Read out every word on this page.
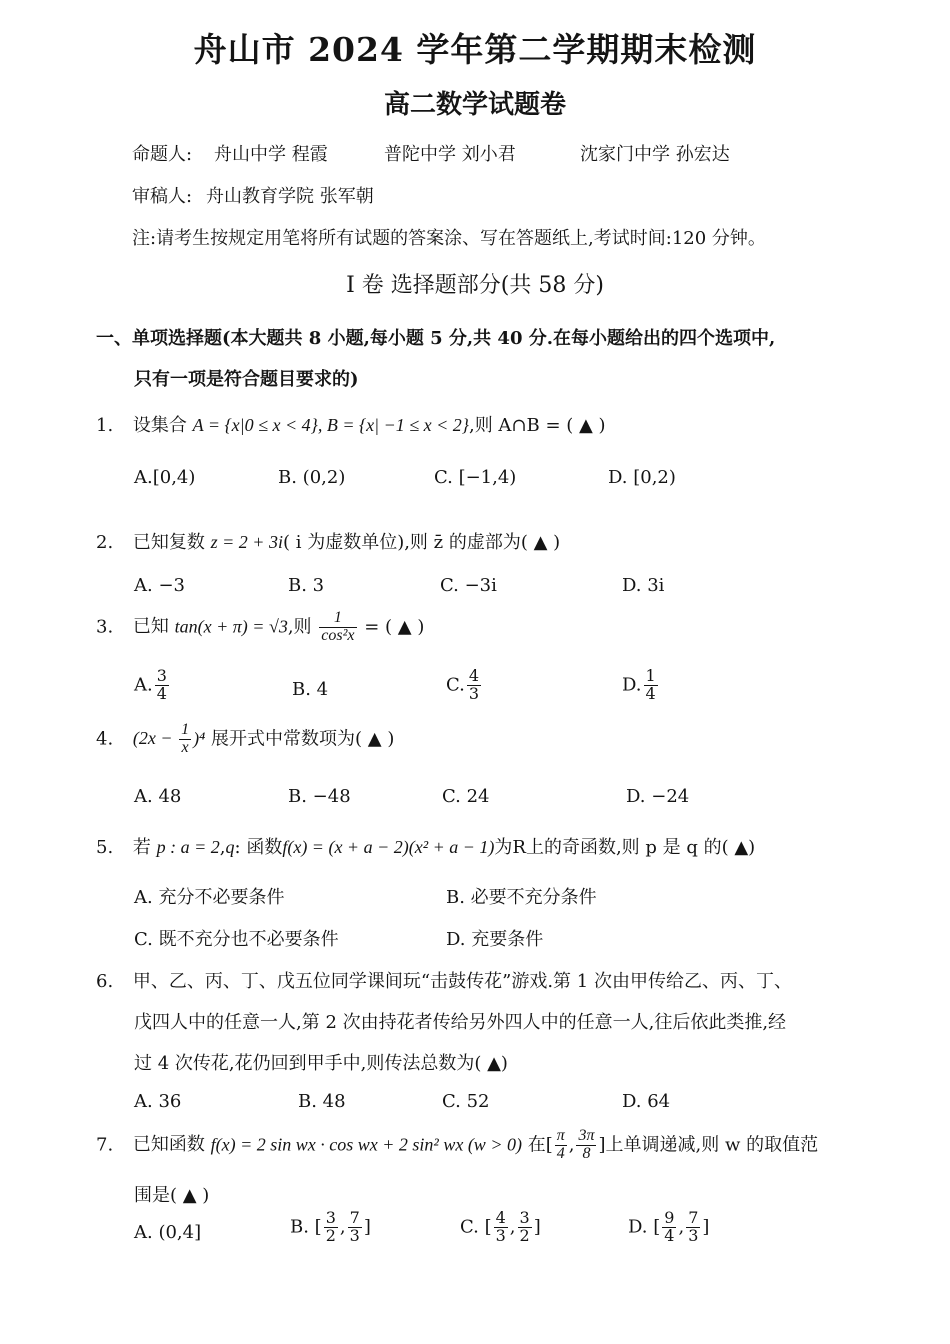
舟山市 2024 学年第二学期期末检测
高二数学试题卷
命题人: 舟山中学 程霞	普陀中学 刘小君	沈家门中学 孙宏达
审稿人: 舟山教育学院 张军朝
注:请考生按规定用笔将所有试题的答案涂、写在答题纸上,考试时间:120 分钟。
I 卷 选择题部分(共 58 分)
一、单项选择题(本大题共 8 小题,每小题 5 分,共 40 分.在每小题给出的四个选项中,
只有一项是符合题目要求的)
1. 设集合 A = {x|0 ≤ x < 4}, B = {x| −1 ≤ x < 2},则 A∩B = ( ▲ )
A.[0,4)	B. (0,2)	C. [−1,4)	D. [0,2)
2. 已知复数 z = 2 + 3i( i 为虚数单位),则 z̄ 的虚部为( ▲ )
A. −3	B. 3	C. −3i	D. 3i
3. 已知 tan(x + π) = √3,则 $\frac{1}{\text{cos²x}}$ = ( ▲ )
A. $\frac{3}{4}$	B. 4	C. $\frac{4}{3}$	D. $\frac{1}{4}$
4. $(2x - \frac{1}{x} )^4$ 展开式中常数项为( ▲ )
A. 48	B. −48	C. 24	D. −24
5. 若 p : a = 2,q: 函数f(x) = (x + a − 2)(x² + a − 1)为R上的奇函数,则 p 是 q 的( ▲)
A. 充分不必要条件	B. 必要不充分条件
C. 既不充分也不必要条件	D. 充要条件
6. 甲、乙、丙、丁、戊五位同学课间玩“击鼓传花”游戏.第 1 次由甲传给乙、丙、丁、
戊四人中的任意一人,第 2 次由持花者传给另外四人中的任意一人,往后依此类推,经
过 4 次传花,花仍回到甲手中,则传法总数为( ▲)
A. 36	B. 48	C. 52	D. 64
7. 已知函数 f(x) = 2 sin wx · cos wx + 2 sin² wx (w > 0) 在[ $\frac{\pi}{4}$ , $\frac{3\pi}{8}$ ]上单调递减,则 w 的取值范
围是( ▲ )
A. (0,4]	B. [ $\frac{3}{2}$ , $\frac{7}{3}$ ]	C. [ $\frac{4}{3}$ , $\frac{3}{2}$ ]	D. [ $\frac{9}{4}$ , $\frac{7}{3}$ ]
